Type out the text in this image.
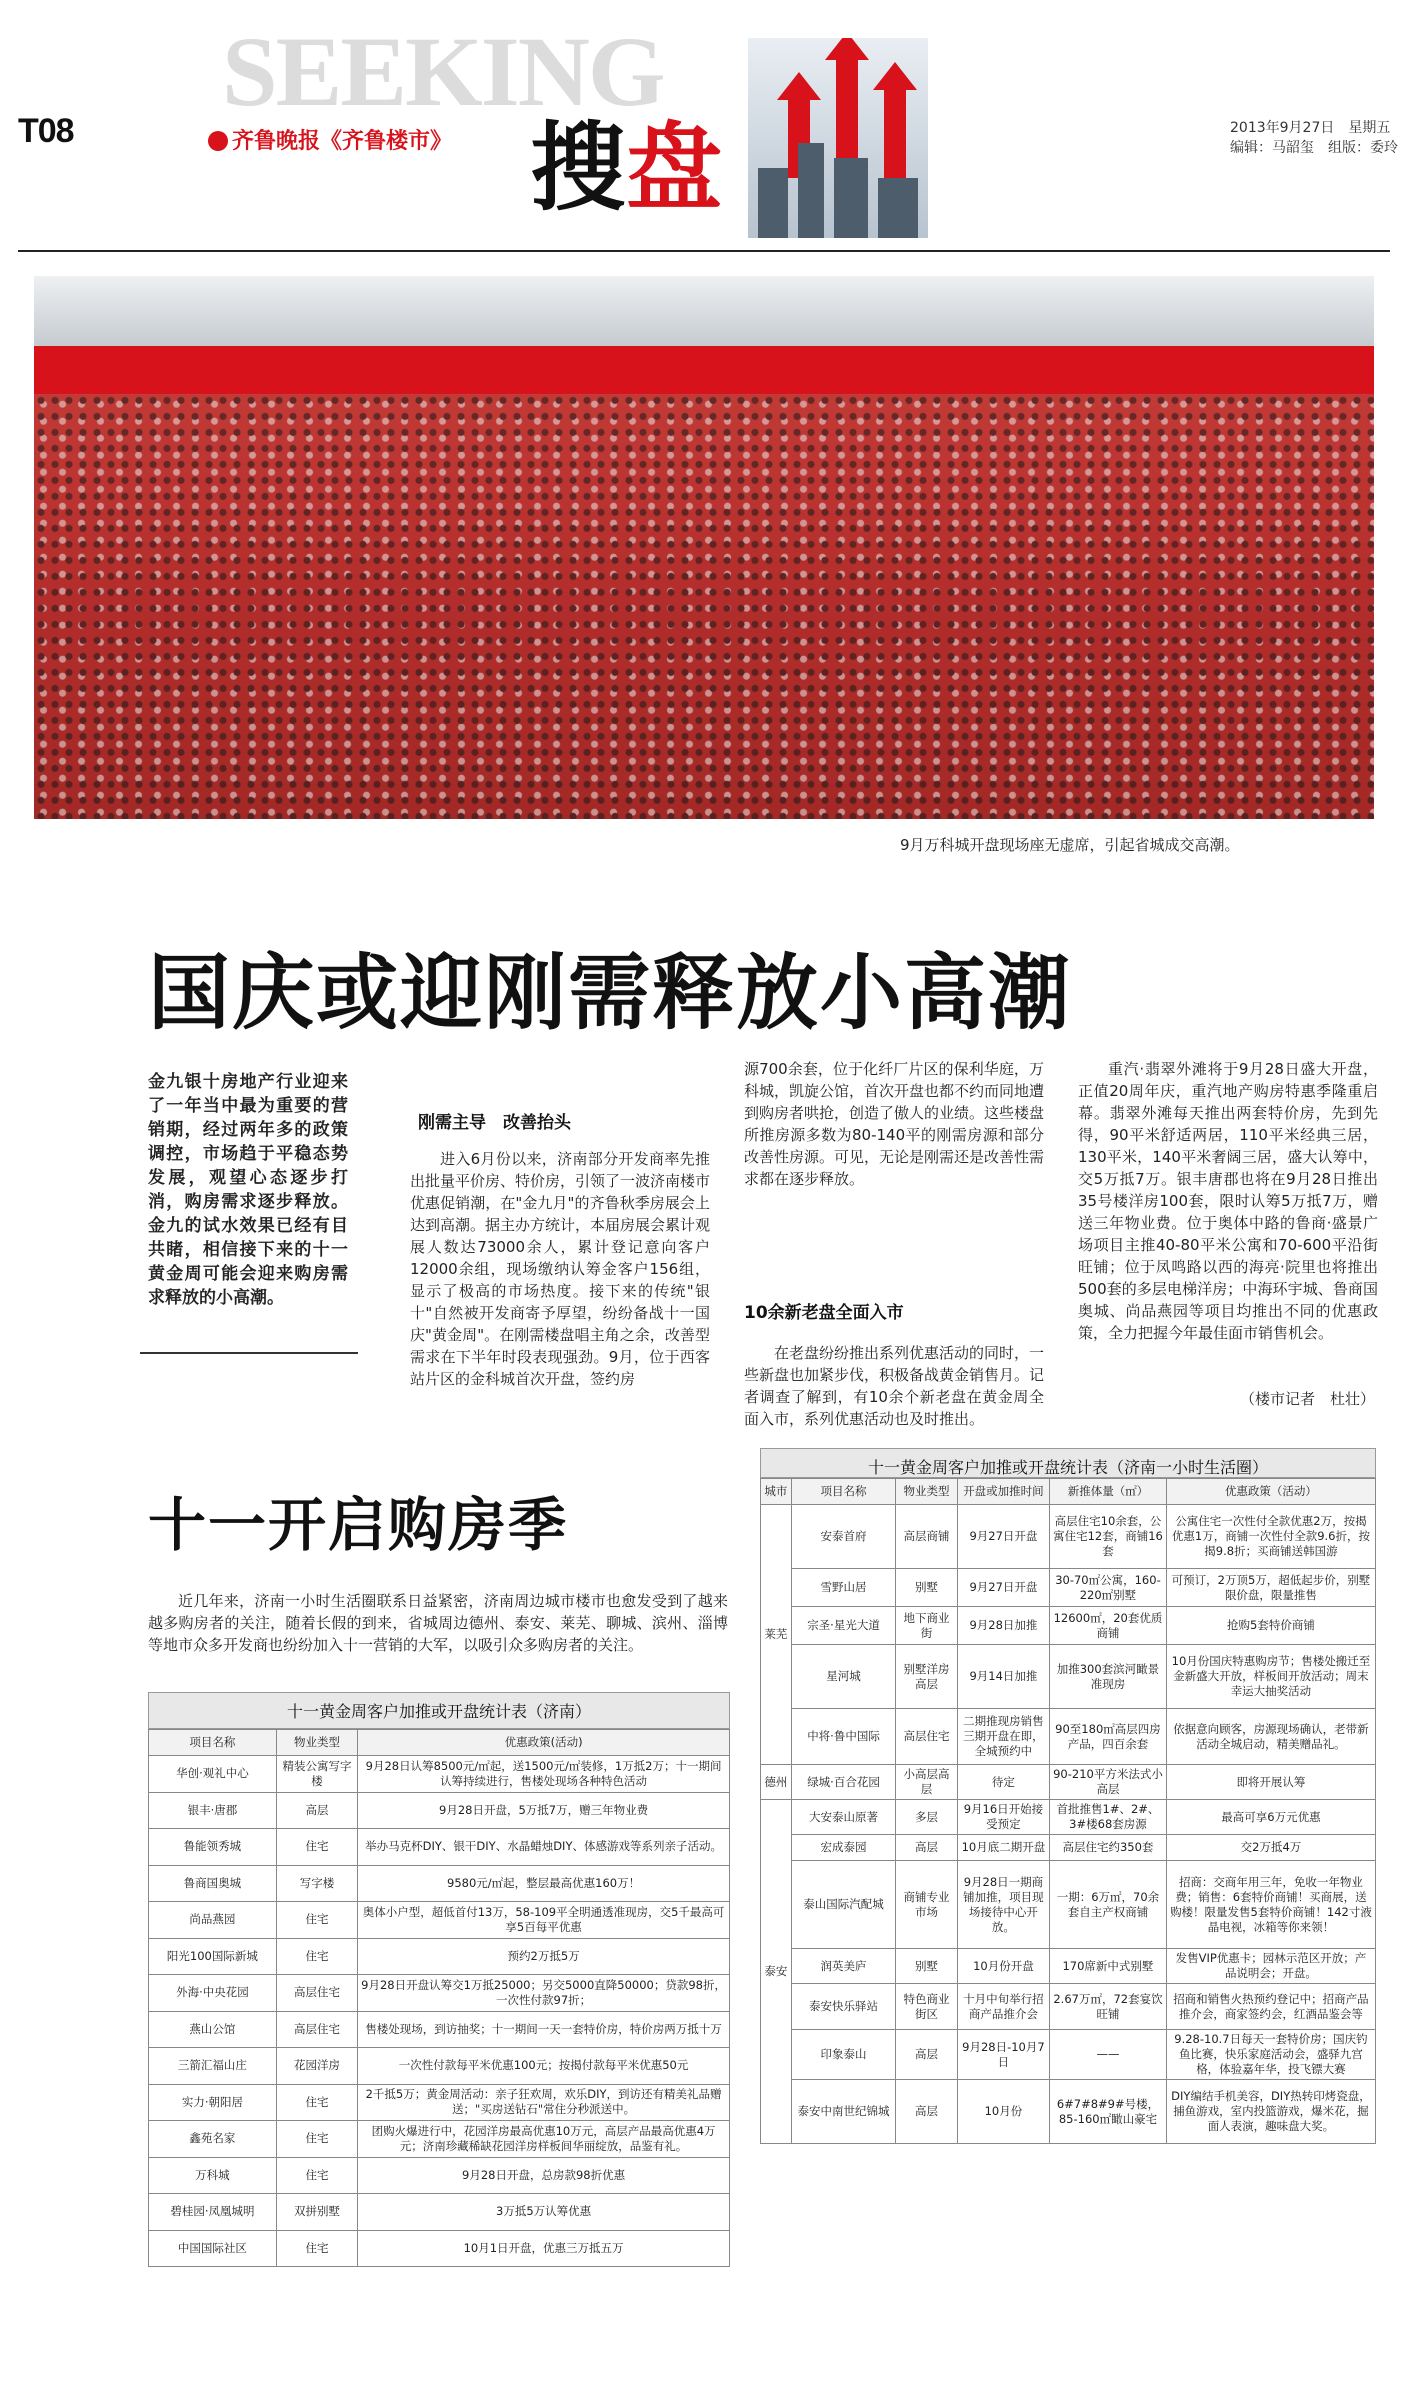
SEEKING
T08	齐鲁晚报《齐鲁楼市》 搜盘	2013年9月27日　星期五
编辑：马韶玺　组版：委玲
9月万科城开盘现场座无虚席，引起省城成交高潮。
国庆或迎刚需释放小高潮
金九银十房地产行业迎来了一年当中最为重要的营销期，经过两年多的政策调控，市场趋于平稳态势发展，观望心态逐步打消，购房需求逐步释放。金九的试水效果已经有目共睹，相信接下来的十一黄金周可能会迎来购房需求释放的小高潮。
刚需主导　改善抬头
进入6月份以来，济南部分开发商率先推出批量平价房、特价房，引领了一波济南楼市优惠促销潮，在"金九月"的齐鲁秋季房展会上达到高潮。据主办方统计，本届房展会累计观展人数达73000余人，累计登记意向客户12000余组，现场缴纳认筹金客户156组，显示了极高的市场热度。接下来的传统"银十"自然被开发商寄予厚望，纷纷备战十一国庆"黄金周"。在刚需楼盘唱主角之余，改善型需求在下半年时段表现强劲。9月，位于西客站片区的金科城首次开盘，签约房
源700余套，位于化纤厂片区的保利华庭，万科城，凯旋公馆，首次开盘也都不约而同地遭到购房者哄抢，创造了傲人的业绩。这些楼盘所推房源多数为80-140平的刚需房源和部分改善性房源。可见，无论是刚需还是改善性需求都在逐步释放。
10余新老盘全面入市
在老盘纷纷推出系列优惠活动的同时，一些新盘也加紧步伐，积极备战黄金销售月。记者调查了解到，有10余个新老盘在黄金周全面入市，系列优惠活动也及时推出。
重汽·翡翠外滩将于9月28日盛大开盘，正值20周年庆，重汽地产购房特惠季隆重启幕。翡翠外滩每天推出两套特价房，先到先得，90平米舒适两居，110平米经典三居，130平米，140平米奢阔三居，盛大认筹中，交5万抵7万。银丰唐郡也将在9月28日推出35号楼洋房100套，限时认筹5万抵7万，赠送三年物业费。位于奥体中路的鲁商·盛景广场项目主推40-80平米公寓和70-600平沿街旺铺；位于凤鸣路以西的海亮·院里也将推出500套的多层电梯洋房；中海环宇城、鲁商国奥城、尚品燕园等项目均推出不同的优惠政策，全力把握今年最佳面市销售机会。
（楼市记者　杜壮）
十一开启购房季
近几年来，济南一小时生活圈联系日益紧密，济南周边城市楼市也愈发受到了越来越多购房者的关注，随着长假的到来，省城周边德州、泰安、莱芜、聊城、滨州、淄博等地市众多开发商也纷纷加入十一营销的大军，以吸引众多购房者的关注。
十一黄金周客户加推或开盘统计表（济南）
项目名称	物业类型	优惠政策(活动)
华创·观礼中心	精装公寓写字楼	9月28日认筹8500元/㎡起，送1500元/㎡装修，1万抵2万；十一期间认筹持续进行，售楼处现场各种特色活动
银丰·唐郡	高层	9月28日开盘，5万抵7万，赠三年物业费
鲁能领秀城	住宅	举办马克杯DIY、银干DIY、水晶蜡烛DIY、体感游戏等系列亲子活动。
鲁商国奥城	写字楼	9580元/㎡起，整层最高优惠160万！
尚品燕园	住宅	奥体小户型，超低首付13万，58-109平全明通透准现房，交5千最高可享5百每平优惠
阳光100国际新城	住宅	预约2万抵5万
外海·中央花园	高层住宅	9月28日开盘认筹交1万抵25000；另交5000直降50000；贷款98折，一次性付款97折；
燕山公馆	高层住宅	售楼处现场，到访抽奖；十一期间一天一套特价房，特价房两万抵十万
三箭汇福山庄	花园洋房	一次性付款每平米优惠100元；按揭付款每平米优惠50元
实力·朝阳居	住宅	2千抵5万；黄金周活动：亲子狂欢周，欢乐DIY，到访还有精美礼品赠送；"买房送钻石"常住分秒派送中。
鑫苑名家	住宅	团购火爆进行中，花园洋房最高优惠10万元，高层产品最高优惠4万元；济南珍藏稀缺花园洋房样板间华丽绽放，品鉴有礼。
万科城	住宅	9月28日开盘，总房款98折优惠
碧桂园·凤凰城明	双拼别墅	3万抵5万认筹优惠
中国国际社区	住宅	10月1日开盘，优惠三万抵五万
十一黄金周客户加推或开盘统计表（济南一小时生活圈）
城市	项目名称	物业类型	开盘或加推时间	新推体量（㎡）	优惠政策（活动）
莱芜	安泰首府	高层商铺	9月27日开盘	高层住宅10余套，公寓住宅12套，商铺16套	公寓住宅一次性付全款优惠2万，按揭优惠1万，商铺一次性付全款9.6折，按揭9.8折；买商铺送韩国游
	雪野山居	别墅	9月27日开盘	30-70㎡公寓，160-220㎡别墅	可预订，2万顶5万，超低起步价，别墅限价盘，限量推售
	宗圣·星光大道	地下商业街	9月28日加推	12600㎡，20套优质商铺	抢购5套特价商铺
	星河城	别墅洋房高层	9月14日加推	加推300套滨河瞰景准现房	10月份国庆特惠购房节；售楼处搬迁至金新盛大开放，样板间开放活动；周末幸运大抽奖活动
	中将·鲁中国际	高层住宅	二期推现房销售三期开盘在即，全城预约中	90至180㎡高层四房产品，四百余套	依据意向顾客，房源现场确认，老带新活动全城启动，精美赠品礼。
德州	绿城·百合花园	小高层高层	待定	90-210平方米法式小高层	即将开展认筹
泰安	大安泰山原著	多层	9月16日开始接受预定	首批推售1#、2#、3#楼68套房源	最高可享6万元优惠
	宏成泰园	高层	10月底二期开盘	高层住宅约350套	交2万抵4万
	泰山国际汽配城	商铺专业市场	9月28日一期商铺加推，项目现场接待中心开放。	一期：6万㎡，70余套自主产权商铺	招商：交商年用三年，免收一年物业费；销售：6套特价商铺！买商展，送购楼！限量发售5套特价商铺！142寸液晶电视，冰箱等你来领！
	润英美庐	别墅	10月份开盘	170席新中式别墅	发售VIP优惠卡；园林示范区开放；产品说明会；开盘。
	泰安快乐驿站	特色商业街区	十月中旬举行招商产品推介会	2.67万㎡，72套宴饮旺铺	招商和销售火热预约登记中；招商产品推介会，商家签约会，红酒品鉴会等
	印象泰山	高层	9月28日-10月7日	——	9.28-10.7日每天一套特价房；国庆钓鱼比赛，快乐家庭活动会，盛驿九宫格，体验嘉年华，投飞镖大赛
	泰安中南世纪锦城	高层	10月份	6#7#8#9#号楼，85-160㎡瞰山豪宅	DIY编结手机美容，DIY热转印烤瓷盘，捕鱼游戏，室内投篮游戏，爆米花，掘面人表演，趣味盘大奖。
